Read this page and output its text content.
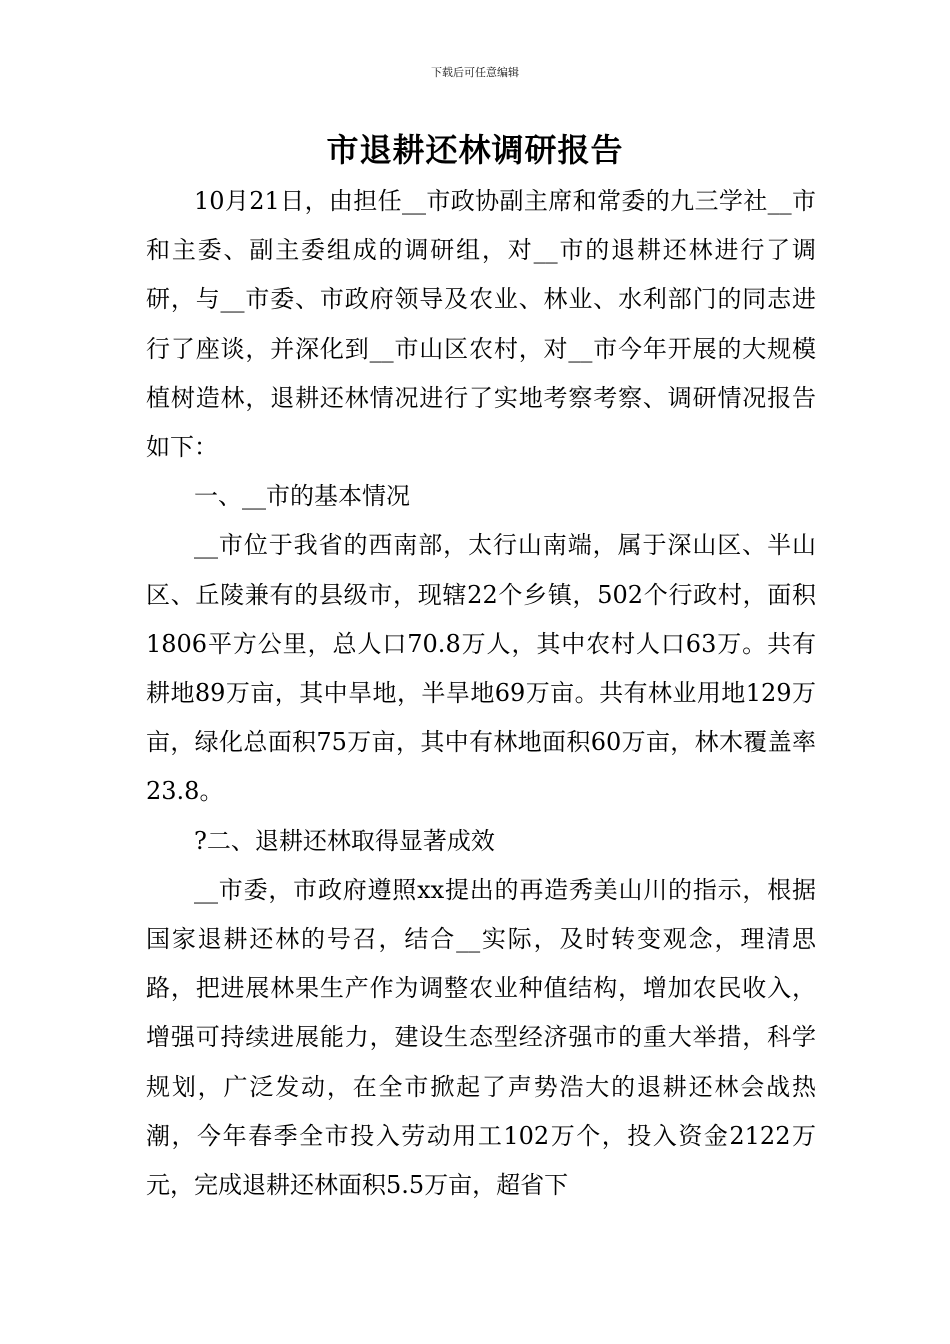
下载后可任意编辑
市退耕还林调研报告

10月21日，由担任__市政协副主席和常委的九三学社__市和主委、副主委组成的调研组，对__市的退耕还林进行了调研，与__市委、市政府领导及农业、林业、水利部门的同志进行了座谈，并深化到__市山区农村，对__市今年开展的大规模植树造林，退耕还林情况进行了实地考察考察、调研情况报告如下：

一、__市的基本情况

__市位于我省的西南部，太行山南端，属于深山区、半山区、丘陵兼有的县级市，现辖22个乡镇，502个行政村，面积1806平方公里，总人口70.8万人，其中农村人口63万。共有耕地89万亩，其中旱地，半旱地69万亩。共有林业用地129万亩，绿化总面积75万亩，其中有林地面积60万亩，林木覆盖率23.8。

?二、退耕还林取得显著成效

__市委，市政府遵照xx提出的再造秀美山川的指示，根据国家退耕还林的号召，结合__实际，及时转变观念，理清思路，把进展林果生产作为调整农业种值结构，增加农民收入，增强可持续进展能力，建设生态型经济强市的重大举措，科学规划，广泛发动，在全市掀起了声势浩大的退耕还林会战热潮，今年春季全市投入劳动用工102万个，投入资金2122万元，完成退耕还林面积5.5万亩，超省下
